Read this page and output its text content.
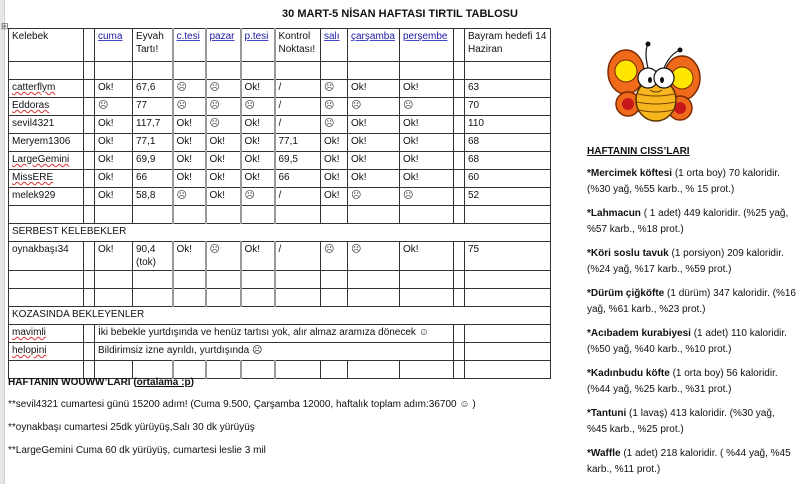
30 MART-5 NİSAN HAFTASI TIRTIL TABLOSU
⊞
Kelebek		cuma	Eyvah Tartı!	c.tesi	pazar	p.tesi	Kontrol Noktası!	salı	çarşamba	perşembe		Bayram hedefi 14 Haziran

catterflym		Ok!	67,6	☹	☹	Ok!	/	☹	Ok!	Ok!		63
Eddoras		☹	77	☹	☹	☹	/	☹	☹	☹		70
sevil4321		Ok!	117,7	Ok!	☹	Ok!	/	☹	Ok!	Ok!		110
Meryem1306		Ok!	77,1	Ok!	Ok!	Ok!	77,1	Ok!	Ok!	Ok!		68
LargeGemini		Ok!	69,9	Ok!	Ok!	Ok!	69,5	Ok!	Ok!	Ok!		68
MissERE		Ok!	66	Ok!	Ok!	Ok!	66	Ok!	Ok!	Ok!		60
melek929		Ok!	58,8	☹	Ok!	☹	/	Ok!	☹	☹		52

SERBEST KELEBEKLER												
oynakbaşı34		Ok!	90,4 (tok)	Ok!	☹	Ok!	/	☹	☹	Ok!		75

KOZASINDA BEKLEYENLER												
mavimli		İki bebekle yurtdışında ve henüz tartısı yok, alır almaz aramıza dönecek ☺										
helopini		Bildirimsiz izne ayrıldı, yurtdışında ☹										

HAFTANIN CISS’LARI
*Mercimek köftesi (1 orta boy) 70 kaloridir. (%30 yağ, %55 karb., % 15 prot.)
*Lahmacun ( 1 adet) 449 kaloridir. (%25 yağ, %57 karb., %18 prot.)
*Köri soslu tavuk (1 porsiyon) 209 kaloridir. (%24 yağ, %17 karb., %59 prot.)
*Dürüm çiğköfte (1 dürüm) 347 kaloridir. (%16 yağ, %61 karb., %23 prot.)
*Acıbadem kurabiyesi (1 adet) 110 kaloridir. (%50 yağ, %40 karb., %10 prot.)
*Kadınbudu köfte (1 orta boy) 56 kaloridir. (%44 yağ, %25 karb., %31 prot.)
*Tantuni (1 lavaş) 413 kaloridir. (%30 yağ, %45 karb., %25 prot.)
*Waffle (1 adet) 218 kaloridir. ( %44 yağ, %45 karb., %11 prot.)
HAFTANIN WOUWW’LARI (ortalama :p)
**sevil4321 cumartesi günü 15200 adım! (Cuma 9.500, Çarşamba 12000, haftalık toplam adım:36700 ☺ )
**oynakbaşı cumartesi 25dk yürüyüş,Salı 30 dk yürüyüş
**LargeGemini Cuma 60 dk yürüyüş, cumartesi leslie 3 mil
